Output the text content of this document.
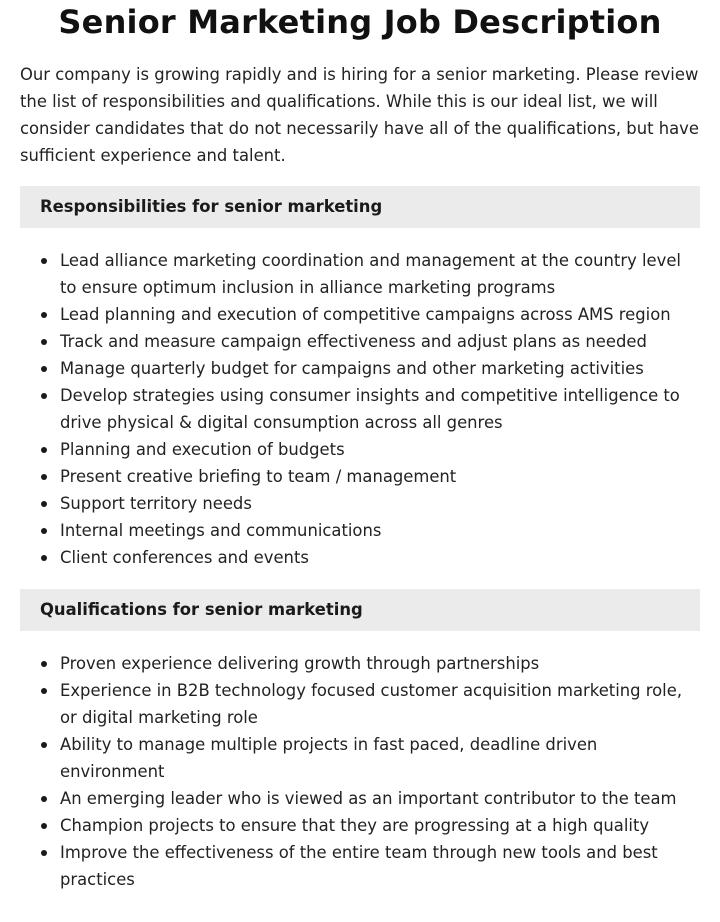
Senior Marketing Job Description

Our company is growing rapidly and is hiring for a senior marketing. Please review the list of responsibilities and qualifications. While this is our ideal list, we will consider candidates that do not necessarily have all of the qualifications, but have sufficient experience and talent.

Responsibilities for senior marketing
Lead alliance marketing coordination and management at the country level to ensure optimum inclusion in alliance marketing programs
Lead planning and execution of competitive campaigns across AMS region
Track and measure campaign effectiveness and adjust plans as needed
Manage quarterly budget for campaigns and other marketing activities
Develop strategies using consumer insights and competitive intelligence to drive physical & digital consumption across all genres
Planning and execution of budgets
Present creative briefing to team / management
Support territory needs
Internal meetings and communications
Client conferences and events
Qualifications for senior marketing
Proven experience delivering growth through partnerships
Experience in B2B technology focused customer acquisition marketing role, or digital marketing role
Ability to manage multiple projects in fast paced, deadline driven environment
An emerging leader who is viewed as an important contributor to the team
Champion projects to ensure that they are progressing at a high quality
Improve the effectiveness of the entire team through new tools and best practices
